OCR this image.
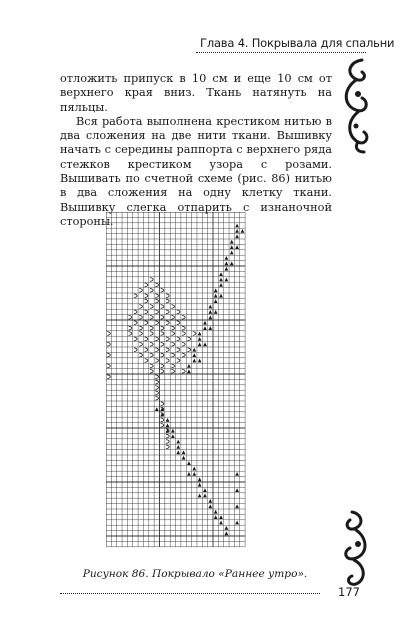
Глава 4. Покрывала для спальни

отложить припуск в 10 см и еще 10 см от верхнего края вниз. Ткань натянуть на пяльцы.

Вся работа выполнена крестиком нитью в два сложения на две нити ткани. Вышивку начать с середины раппорта с верхнего ряда стежков крестиком узора с розами. Вышивать по счетной схеме (рис. 86) нитью в два сложения на одну клетку ткани. Вышивку слегка отпарить с изнаночной стороны.

Рисунок 86. Покрывало «Раннее утро».
177
